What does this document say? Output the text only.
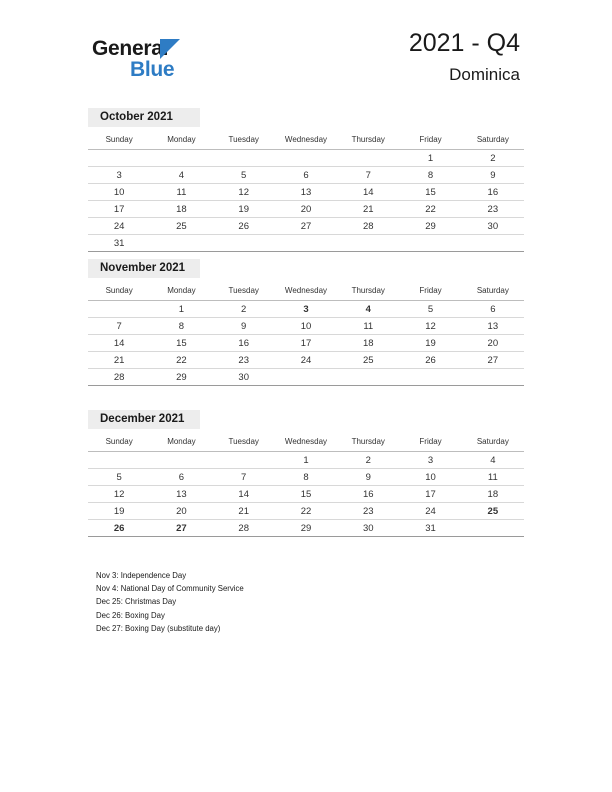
General
Blue
2021 - Q4
Dominica
October 2021
Sunday	Monday	Tuesday	Wednesday	Thursday	Friday	Saturday
					1	2
3	4	5	6	7	8	9
10	11	12	13	14	15	16
17	18	19	20	21	22	23
24	25	26	27	28	29	30
31						
November 2021
Sunday	Monday	Tuesday	Wednesday	Thursday	Friday	Saturday
	1	2	3	4	5	6
7	8	9	10	11	12	13
14	15	16	17	18	19	20
21	22	23	24	25	26	27
28	29	30				
December 2021
Sunday	Monday	Tuesday	Wednesday	Thursday	Friday	Saturday
			1	2	3	4
5	6	7	8	9	10	11
12	13	14	15	16	17	18
19	20	21	22	23	24	25
26	27	28	29	30	31	
Nov 3: Independence Day
Nov 4: National Day of Community Service
Dec 25: Christmas Day
Dec 26: Boxing Day
Dec 27: Boxing Day (substitute day)
